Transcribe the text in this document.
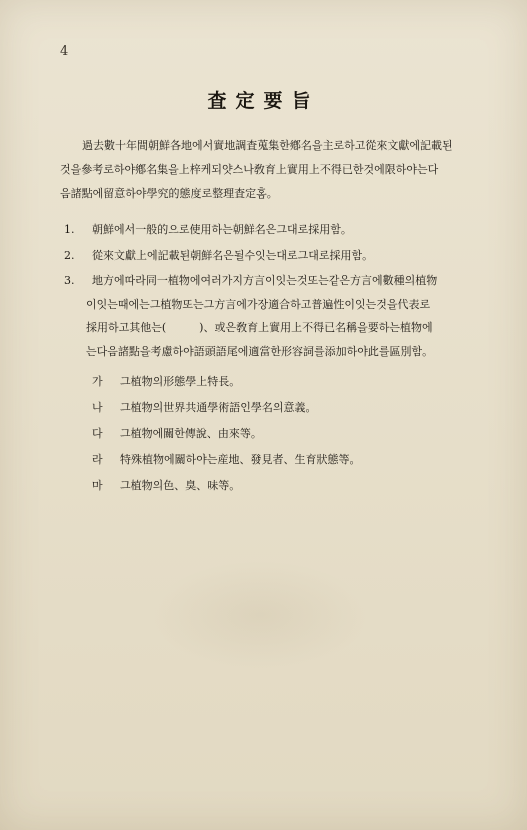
4
査定要旨
過去數十年間朝鮮各地에서實地調査蒐集한鄕名을主로하고從來文獻에記載된
것을參考로하야鄕名集을上梓케되얏스나敎育上實用上不得已한것에限하야는다
음諸點에留意하야學究的態度로整理査定홈。
1. 朝鮮에서一般的으로使用하는朝鮮名은그대로採用함。
2. 從來文獻上에記載된朝鮮名은될수잇는대로그대로採用함。
3. 地方에따라同一植物에여러가지方言이잇는것또는같은方言에數種의植物
이잇는때에는그植物또는그方言에가장適合하고普遍性이잇는것을代表로
採用하고其他는(　　　)、或은敎育上實用上不得已名稱을要하는植物에
는다음諸點을考慮하야語頭語尾에適當한形容詞를添加하야此를區別함。
가 그植物의形態學上特長。
나 그植物의世界共通學術語인學名의意義。
다 그植物에關한傳說、由來等。
라 特殊植物에關하야는産地、發見者、生育狀態等。
마 그植物의色、臭、味等。
